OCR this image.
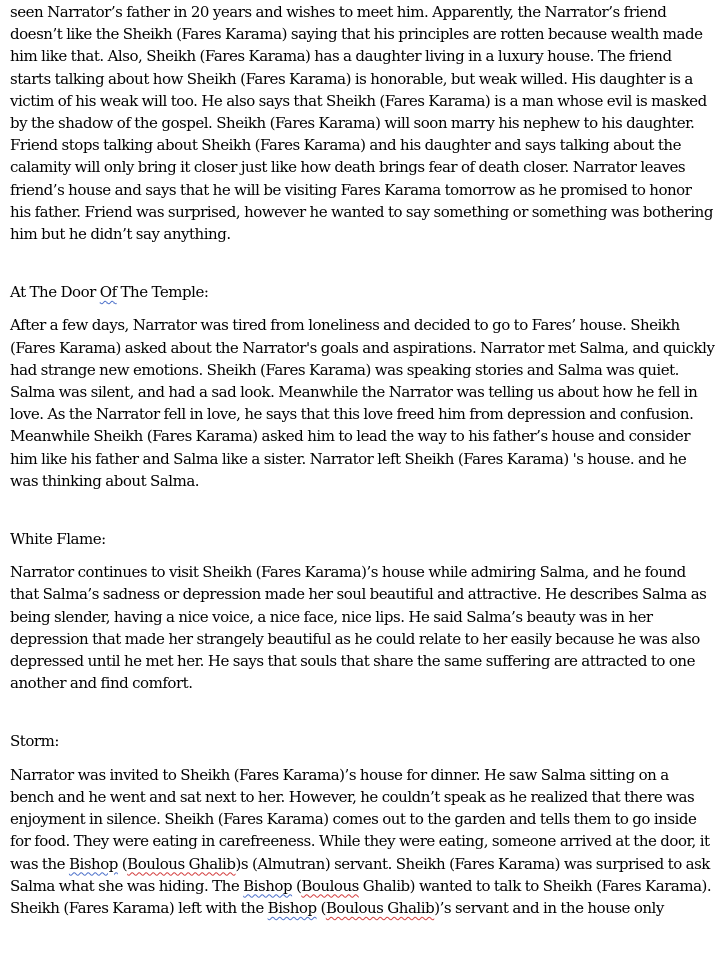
seen Narrator’s father in 20 years and wishes to meet him. Apparently, the Narrator’s friend doesn’t like the Sheikh (Fares Karama) saying that his principles are rotten because wealth made him like that. Also, Sheikh (Fares Karama) has a daughter living in a luxury house. The friend starts talking about how Sheikh (Fares Karama) is honorable, but weak willed. His daughter is a victim of his weak will too. He also says that Sheikh (Fares Karama) is a man whose evil is masked by the shadow of the gospel. Sheikh (Fares Karama) will soon marry his nephew to his daughter. Friend stops talking about Sheikh (Fares Karama) and his daughter and says talking about the calamity will only bring it closer just like how death brings fear of death closer. Narrator leaves friend’s house and says that he will be visiting Fares Karama tomorrow as he promised to honor his father. Friend was surprised, however he wanted to say something or something was bothering him but he didn’t say anything.

At The Door Of The Temple:

After a few days, Narrator was tired from loneliness and decided to go to Fares’ house. Sheikh (Fares Karama) asked about the Narrator's goals and aspirations. Narrator met Salma, and quickly had strange new emotions. Sheikh (Fares Karama) was speaking stories and Salma was quiet. Salma was silent, and had a sad look. Meanwhile the Narrator was telling us about how he fell in love. As the Narrator fell in love, he says that this love freed him from depression and confusion. Meanwhile Sheikh (Fares Karama) asked him to lead the way to his father’s house and consider him like his father and Salma like a sister. Narrator left Sheikh (Fares Karama) 's house. and he was thinking about Salma.

White Flame:

Narrator continues to visit Sheikh (Fares Karama)’s house while admiring Salma, and he found that Salma’s sadness or depression made her soul beautiful and attractive. He describes Salma as being slender, having a nice voice, a nice face, nice lips. He said Salma’s beauty was in her depression that made her strangely beautiful as he could relate to her easily because he was also depressed until he met her. He says that souls that share the same suffering are attracted to one another and find comfort.

Storm:

Narrator was invited to Sheikh (Fares Karama)’s house for dinner. He saw Salma sitting on a bench and he went and sat next to her. However, he couldn’t speak as he realized that there was enjoyment in silence. Sheikh (Fares Karama) comes out to the garden and tells them to go inside for food. They were eating in carefreeness. While they were eating, someone arrived at the door, it was the Bishop (Boulous Ghalib)s (Almutran) servant. Sheikh (Fares Karama) was surprised to ask Salma what she was hiding. The Bishop (Boulous Ghalib) wanted to talk to Sheikh (Fares Karama). Sheikh (Fares Karama) left with the Bishop (Boulous Ghalib)’s servant and in the house only
